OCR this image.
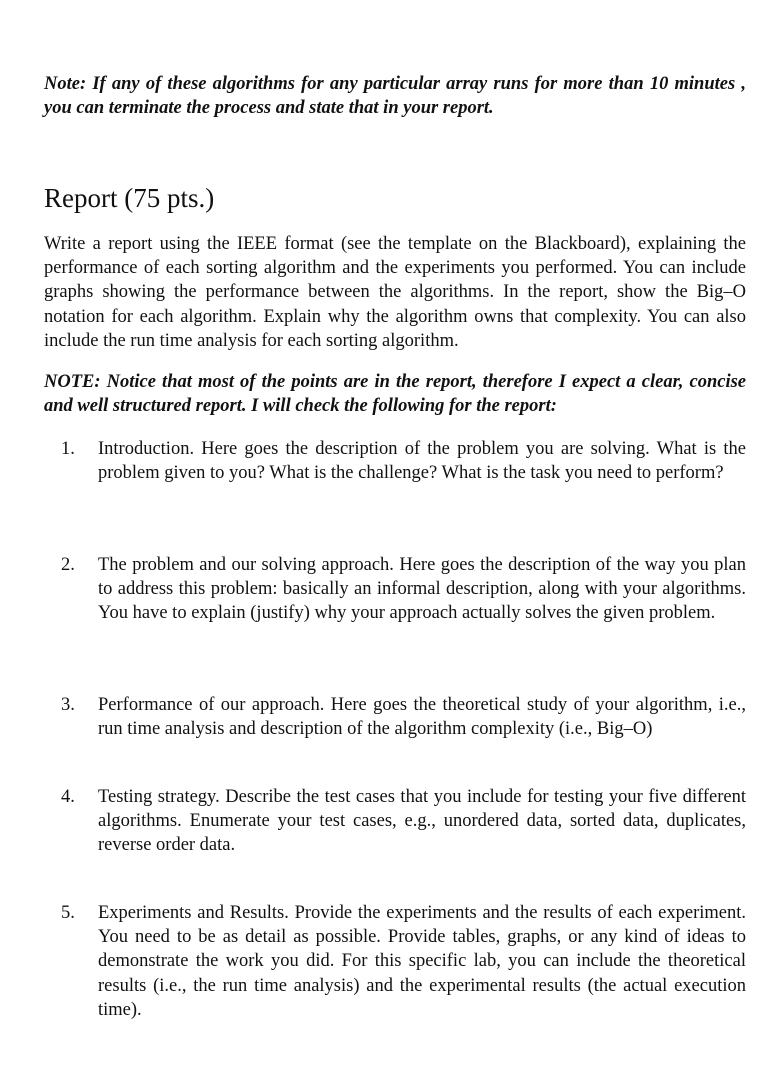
Note: If any of these algorithms for any particular array runs for more than 10 minutes , you can terminate the process and state that in your report.

Report (75 pts.)

Write a report using the IEEE format (see the template on the Blackboard), explaining the performance of each sorting algorithm and the experiments you performed. You can include graphs showing the performance between the algorithms. In the report, show the Big–O notation for each algorithm. Explain why the algorithm owns that complexity. You can also include the run time analysis for each sorting algorithm.

NOTE: Notice that most of the points are in the report, therefore I expect a clear, concise and well structured report. I will check the following for the report:

1. Introduction. Here goes the description of the problem you are solving. What is the problem given to you? What is the challenge? What is the task you need to perform?
2. The problem and our solving approach. Here goes the description of the way you plan to address this problem: basically an informal description, along with your algorithms. You have to explain (justify) why your approach actually solves the given problem.
3. Performance of our approach. Here goes the theoretical study of your algorithm, i.e., run time analysis and description of the algorithm complexity (i.e., Big–O)
4. Testing strategy. Describe the test cases that you include for testing your five different algorithms. Enumerate your test cases, e.g., unordered data, sorted data, duplicates, reverse order data.
5. Experiments and Results. Provide the experiments and the results of each experiment. You need to be as detail as possible. Provide tables, graphs, or any kind of ideas to demonstrate the work you did. For this specific lab, you can include the theoretical results (i.e., the run time analysis) and the experimental results (the actual execution time).
